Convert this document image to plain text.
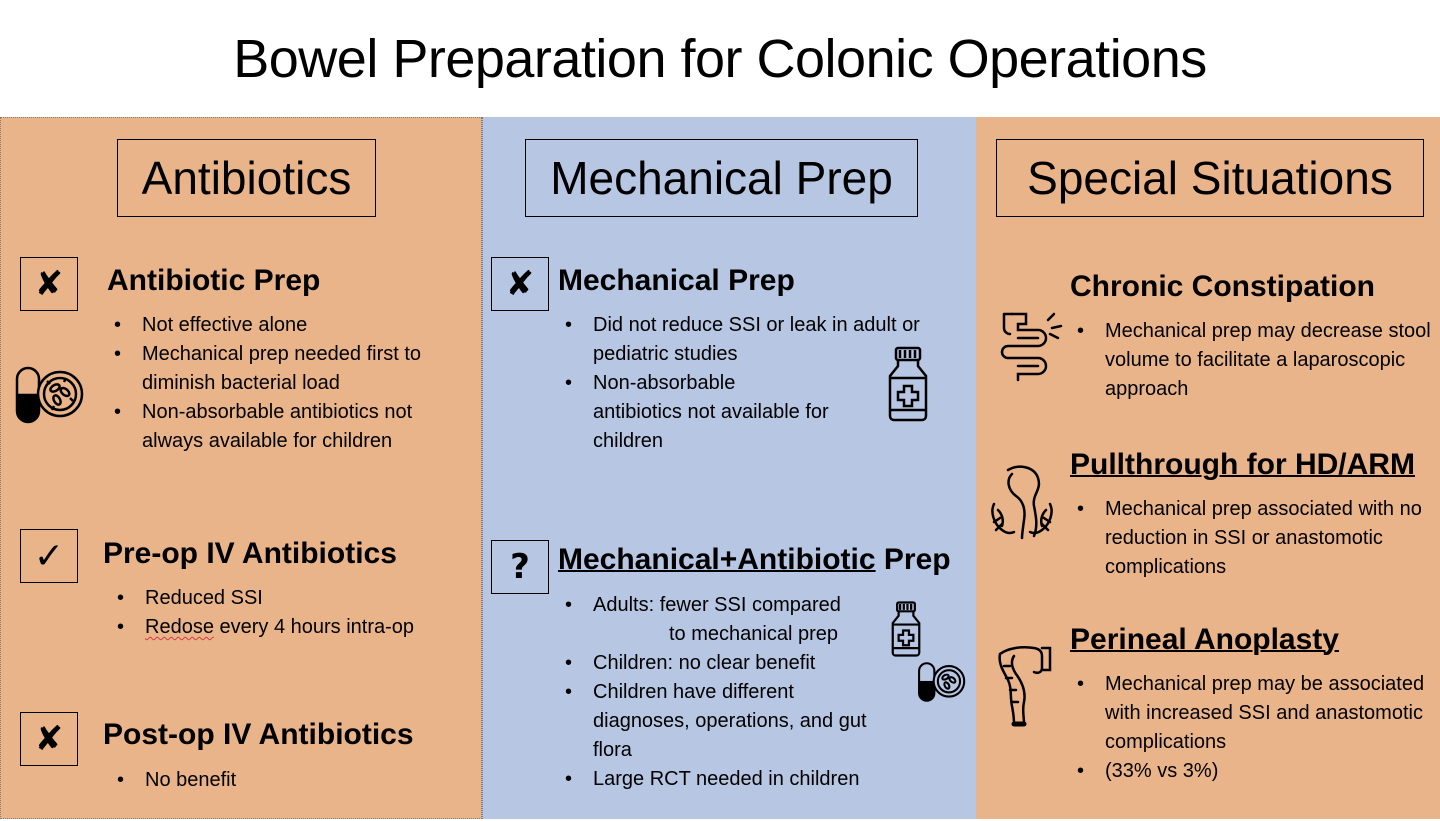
Bowel Preparation for Colonic Operations
Antibiotics
✘	Antibiotic Prep
• Not effective alone
• Mechanical prep needed first to diminish bacterial load
• Non-absorbable antibiotics not always available for children
✓	Pre-op IV Antibiotics
• Reduced SSI
• Redose every 4 hours intra-op
✘	Post-op IV Antibiotics
• No benefit
Mechanical Prep
✘ Mechanical Prep
• Did not reduce SSI or leak in adult or pediatric studies
• Non-absorbable antibiotics not available for children
? Mechanical+Antibiotic Prep
• Adults: fewer SSI compared
to mechanical prep
• Children: no clear benefit
• Children have different diagnoses, operations, and gut flora
• Large RCT needed in children
Special Situations
Chronic Constipation
• Mechanical prep may decrease stool volume to facilitate a laparoscopic approach
Pullthrough for HD/ARM
• Mechanical prep associated with no reduction in SSI or anastomotic complications
Perineal Anoplasty
• Mechanical prep may be associated with increased SSI and anastomotic complications
• (33% vs 3%)
